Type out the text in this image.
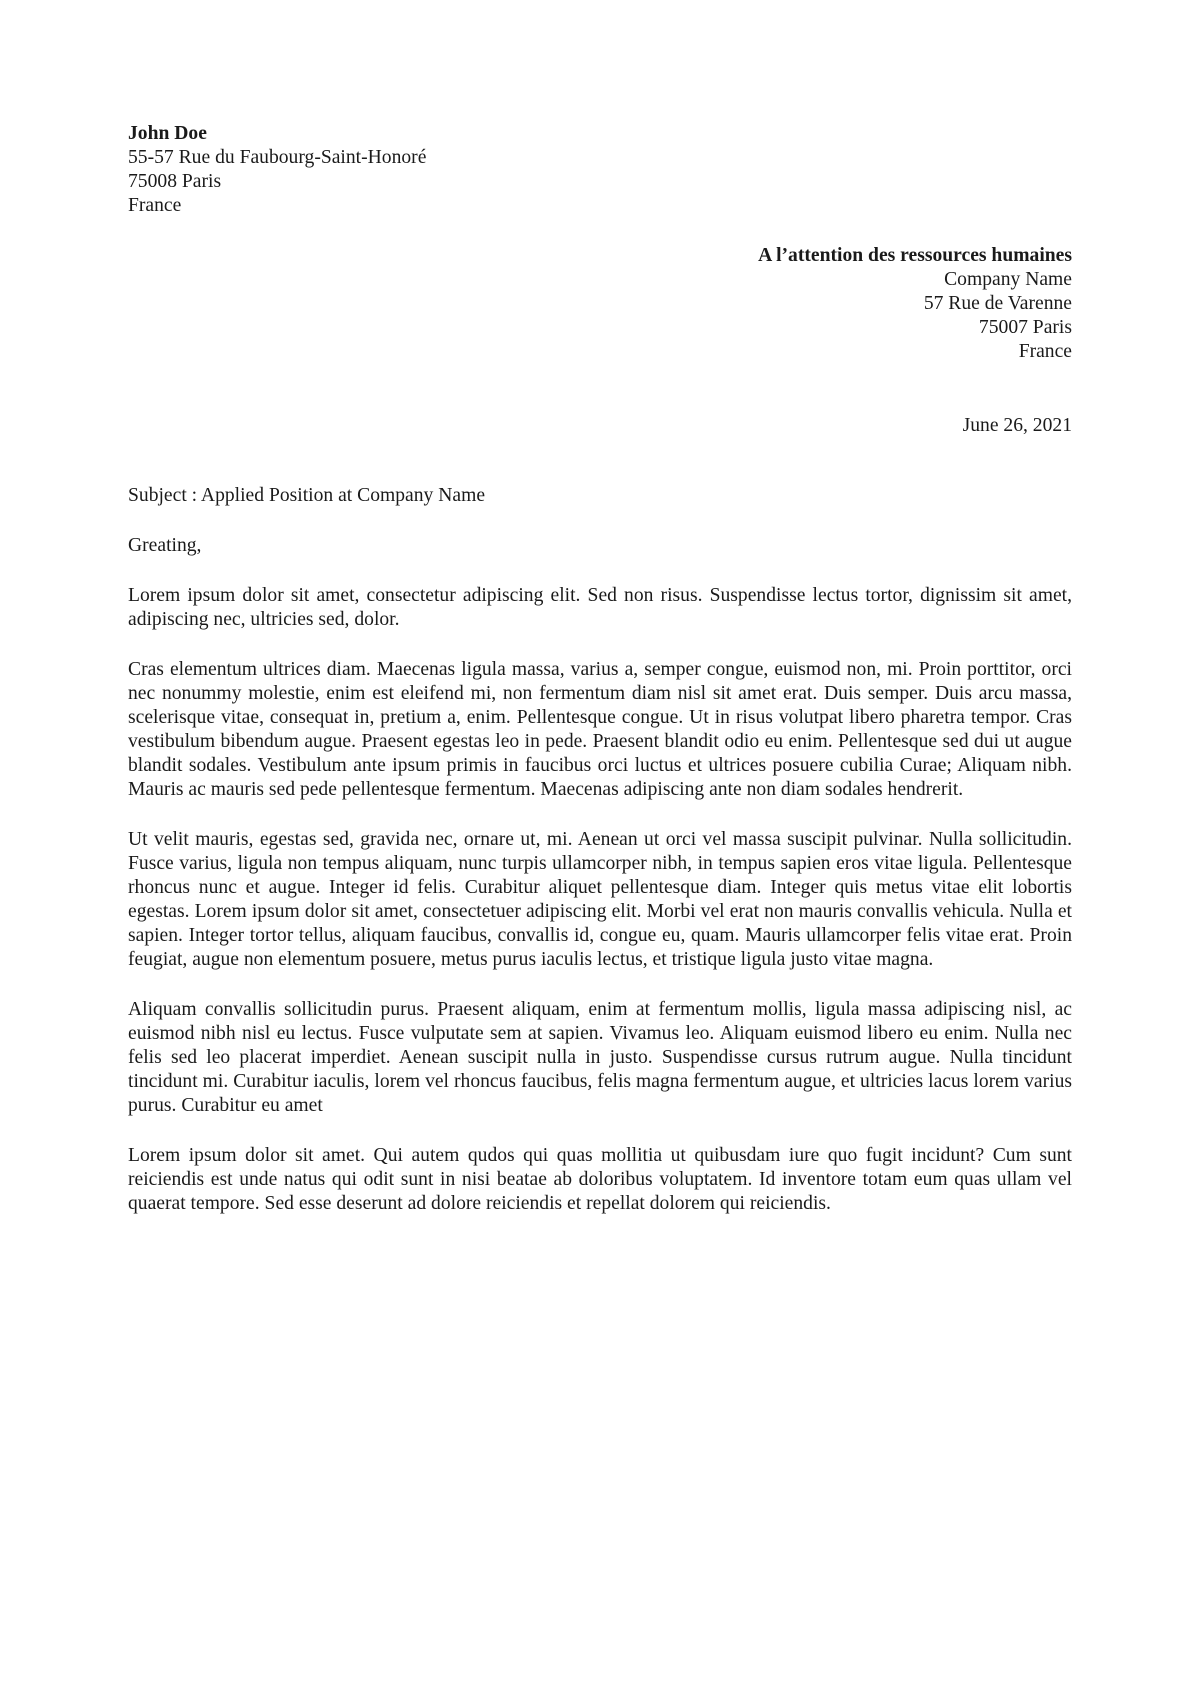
John Doe
55-57 Rue du Faubourg-Saint-Honoré
75008 Paris
France
A l’attention des ressources humaines
Company Name
57 Rue de Varenne
75007 Paris
France
June 26, 2021
Subject : Applied Position at Company Name
Greating,

Lorem ipsum dolor sit amet, consectetur adipiscing elit. Sed non risus. Suspendisse lectus tortor, dignissim sit amet, adipiscing nec, ultricies sed, dolor.

Cras elementum ultrices diam. Maecenas ligula massa, varius a, semper congue, euismod non, mi. Proin porttitor, orci nec nonummy molestie, enim est eleifend mi, non fermentum diam nisl sit amet erat. Duis semper. Duis arcu massa, scelerisque vitae, consequat in, pretium a, enim. Pellentesque congue. Ut in risus volutpat libero pharetra tempor. Cras vestibulum bibendum augue. Praesent egestas leo in pede. Praesent blandit odio eu enim. Pellentesque sed dui ut augue blandit sodales. Vestibulum ante ipsum primis in faucibus orci luctus et ultrices posuere cubilia Curae; Aliquam nibh. Mauris ac mauris sed pede pellentesque fermentum. Maecenas adipiscing ante non diam sodales hendrerit.

Ut velit mauris, egestas sed, gravida nec, ornare ut, mi. Aenean ut orci vel massa suscipit pulvinar. Nulla sollicitudin. Fusce varius, ligula non tempus aliquam, nunc turpis ullamcorper nibh, in tempus sapien eros vitae ligula. Pellentesque rhoncus nunc et augue. Integer id felis. Curabitur aliquet pellentesque diam. Integer quis metus vitae elit lobortis egestas. Lorem ipsum dolor sit amet, consectetuer adipiscing elit. Morbi vel erat non mauris convallis vehicula. Nulla et sapien. Integer tortor tellus, aliquam faucibus, convallis id, congue eu, quam. Mauris ullamcorper felis vitae erat. Proin feugiat, augue non elementum posuere, metus purus iaculis lectus, et tristique ligula justo vitae magna.

Aliquam convallis sollicitudin purus. Praesent aliquam, enim at fermentum mollis, ligula massa adipiscing nisl, ac euismod nibh nisl eu lectus. Fusce vulputate sem at sapien. Vivamus leo. Aliquam euismod libero eu enim. Nulla nec felis sed leo placerat imperdiet. Aenean suscipit nulla in justo. Suspendisse cursus rutrum augue. Nulla tincidunt tincidunt mi. Curabitur iaculis, lorem vel rhoncus faucibus, felis magna fermentum augue, et ultricies lacus lorem varius purus. Curabitur eu amet

Lorem ipsum dolor sit amet. Qui autem qudos qui quas mollitia ut quibusdam iure quo fugit incidunt? Cum sunt reiciendis est unde natus qui odit sunt in nisi beatae ab doloribus voluptatem. Id inventore totam eum quas ullam vel quaerat tempore. Sed esse deserunt ad dolore reiciendis et repellat dolorem qui reiciendis.
